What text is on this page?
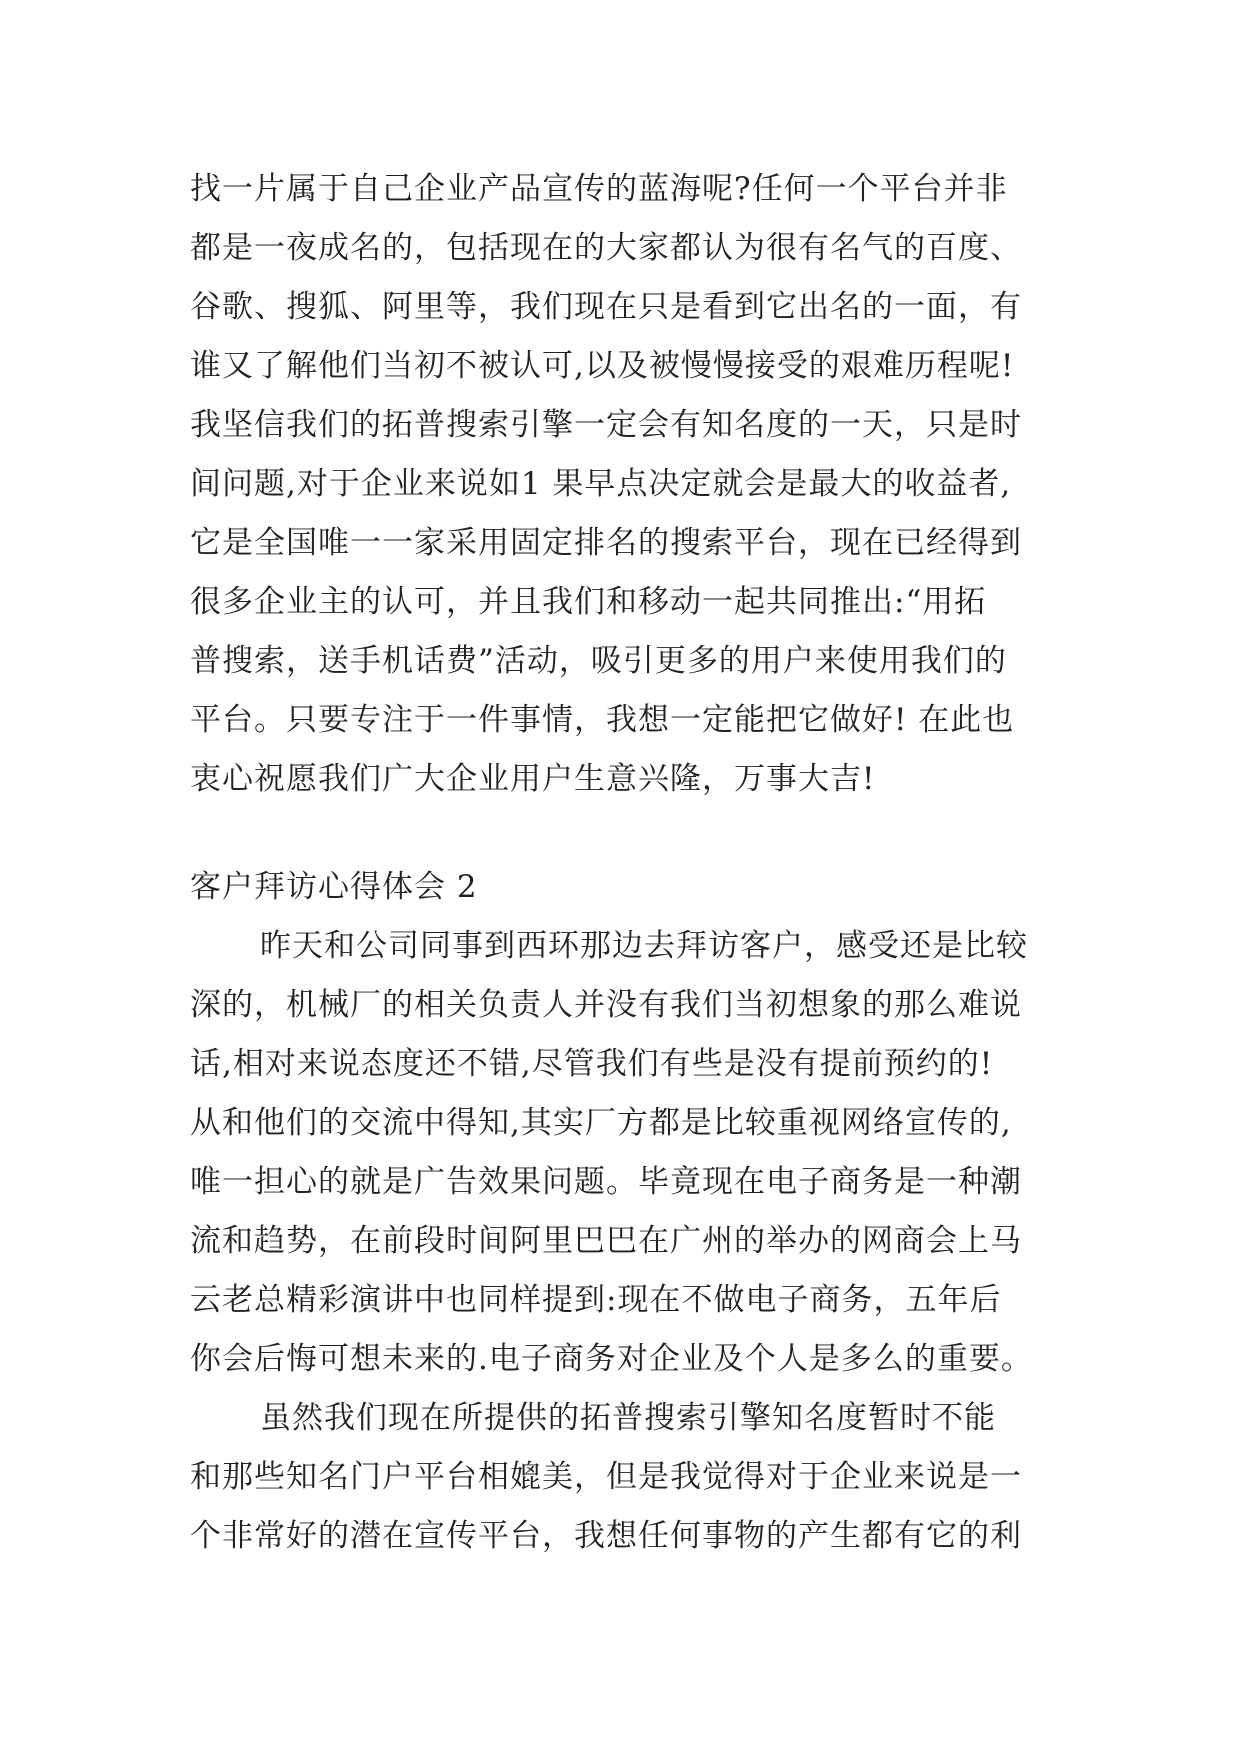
找一片属于自己企业产品宣传的蓝海呢?任何一个平台并非
都是一夜成名的，包括现在的大家都认为很有名气的百度、
谷歌、搜狐、阿里等，我们现在只是看到它出名的一面，有
谁又了解他们当初不被认可,以及被慢慢接受的艰难历程呢!
我坚信我们的拓普搜索引擎一定会有知名度的一天，只是时
间问题,对于企业来说如1 果早点决定就会是最大的收益者,
它是全国唯一一家采用固定排名的搜索平台，现在已经得到
很多企业主的认可，并且我们和移动一起共同推出:“用拓
普搜索，送手机话费”活动，吸引更多的用户来使用我们的
平台。只要专注于一件事情，我想一定能把它做好! 在此也
衷心祝愿我们广大企业用户生意兴隆，万事大吉!
客户拜访心得体会 2
昨天和公司同事到西环那边去拜访客户，感受还是比较
深的，机械厂的相关负责人并没有我们当初想象的那么难说
话,相对来说态度还不错,尽管我们有些是没有提前预约的!
从和他们的交流中得知,其实厂方都是比较重视网络宣传的,
唯一担心的就是广告效果问题。毕竟现在电子商务是一种潮
流和趋势，在前段时间阿里巴巴在广州的举办的网商会上马
云老总精彩演讲中也同样提到:现在不做电子商务，五年后
你会后悔可想未来的.电子商务对企业及个人是多么的重要。
虽然我们现在所提供的拓普搜索引擎知名度暂时不能
和那些知名门户平台相媲美，但是我觉得对于企业来说是一
个非常好的潜在宣传平台，我想任何事物的产生都有它的利
